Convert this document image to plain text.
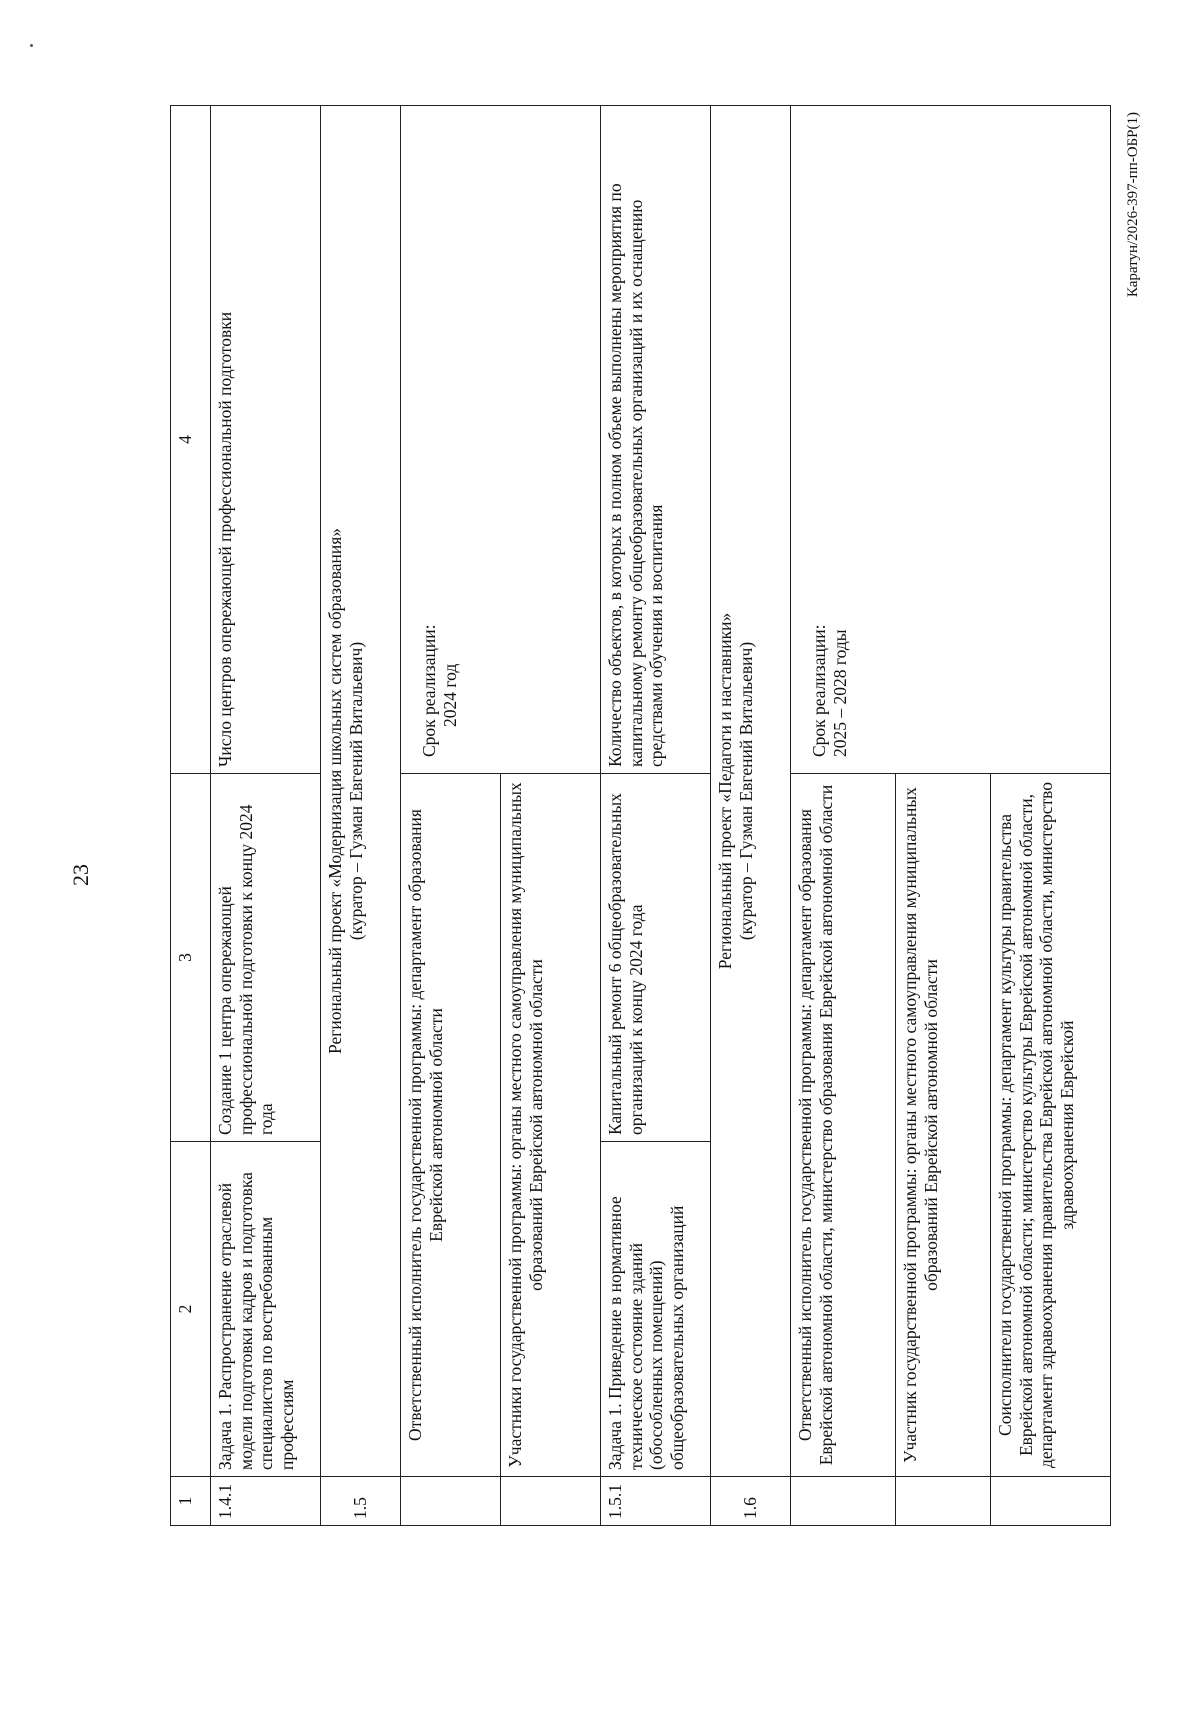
23
1	2	3	4
1.4.1	Задача 1. Распространение отраслевой модели подготовки кадров и подготовка специалистов по востребованным профессиям	Создание 1 центра опережающей профессиональной подготовки к концу 2024 года	Число центров опережающей профессиональной подготовки
1.5	Региональный проект «Модернизация школьных систем образования» (куратор – Гузман Евгений Витальевич)		

	Ответственный исполнитель государственной программы: департамент образования Еврейской автономной области		Срок реализации: 2024 год

	Участники государственной программы: органы местного самоуправления муниципальных образований Еврейской автономной области		
1.5.1	Задача 1. Приведение в нормативное техническое состояние зданий (обособленных помещений) общеобразовательных организаций	Капитальный ремонт 6 общеобразовательных организаций к концу 2024 года	Количество объектов, в которых в полном объеме выполнены мероприятия по капитальному ремонту общеобразовательных организаций и их оснащению средствами обучения и воспитания
1.6	Региональный проект «Педагоги и наставники» (куратор – Гузман Евгений Витальевич)		

	Ответственный исполнитель государственной программы: департамент образования Еврейской автономной области, министерство образования Еврейской автономной области		Срок реализации: 2025 – 2028 годы

	Участник государственной программы: органы местного самоуправления муниципальных образований Еврейской автономной области		
	Соисполнители государственной программы: департамент культуры правительства Еврейской автономной области; министерство культуры Еврейской автономной области, департамент здравоохранения правительства Еврейской автономной области, министерство здравоохранения Еврейской		
Каратун/2026-397-пп-ОБР(1)
